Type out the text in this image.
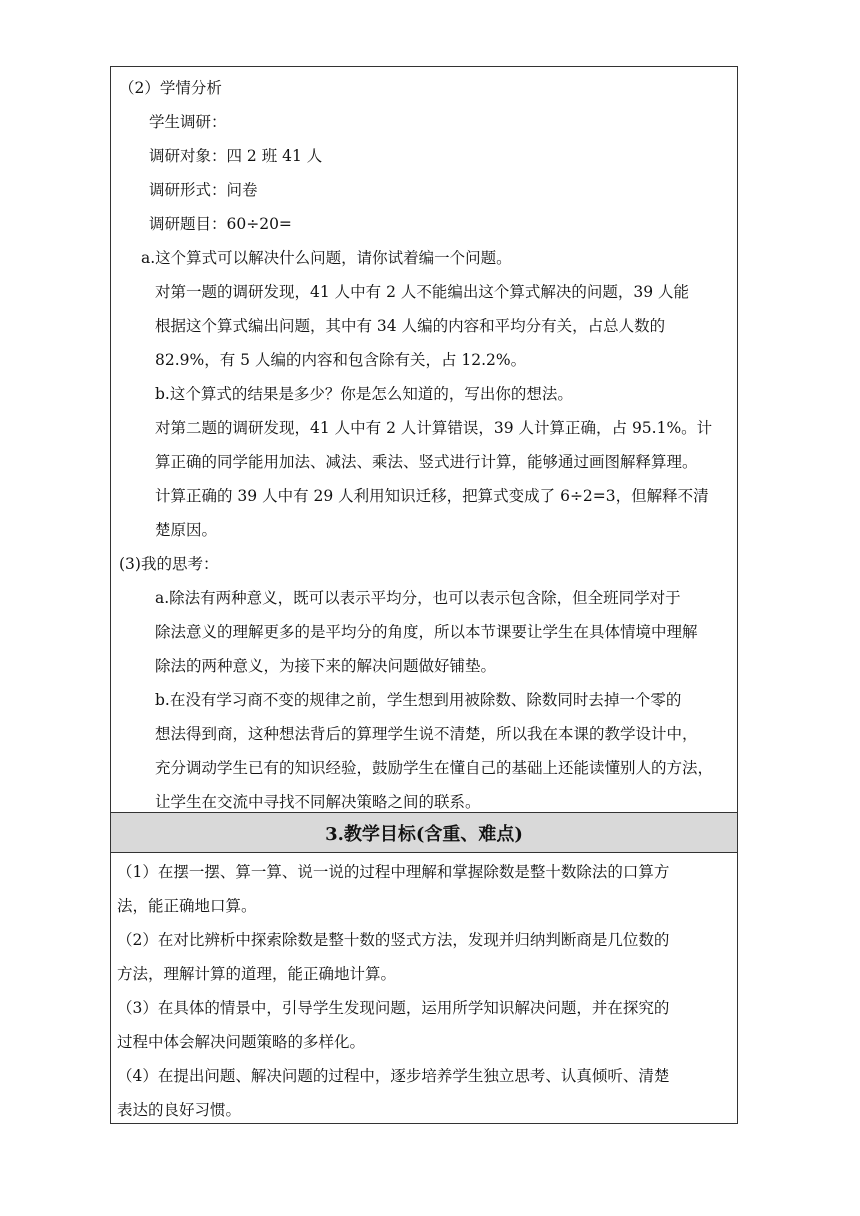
（2）学情分析
学生调研：
调研对象：四 2 班 41 人
调研形式：问卷
调研题目：60÷20=
a.这个算式可以解决什么问题，请你试着编一个问题。
对第一题的调研发现，41 人中有 2 人不能编出这个算式解决的问题，39 人能
根据这个算式编出问题，其中有 34 人编的内容和平均分有关，占总人数的
82.9%，有 5 人编的内容和包含除有关，占 12.2%。
b.这个算式的结果是多少？你是怎么知道的，写出你的想法。
对第二题的调研发现，41 人中有 2 人计算错误，39 人计算正确，占 95.1%。计
算正确的同学能用加法、减法、乘法、竖式进行计算，能够通过画图解释算理。
计算正确的 39 人中有 29 人利用知识迁移，把算式变成了 6÷2=3，但解释不清
楚原因。
(3)我的思考：
a.除法有两种意义，既可以表示平均分，也可以表示包含除，但全班同学对于
除法意义的理解更多的是平均分的角度，所以本节课要让学生在具体情境中理解
除法的两种意义，为接下来的解决问题做好铺垫。
b.在没有学习商不变的规律之前，学生想到用被除数、除数同时去掉一个零的
想法得到商，这种想法背后的算理学生说不清楚，所以我在本课的教学设计中，
充分调动学生已有的知识经验，鼓励学生在懂自己的基础上还能读懂别人的方法，
让学生在交流中寻找不同解决策略之间的联系。
3.教学目标(含重、难点)
（1）在摆一摆、算一算、说一说的过程中理解和掌握除数是整十数除法的口算方
法，能正确地口算。
（2）在对比辨析中探索除数是整十数的竖式方法，发现并归纳判断商是几位数的
方法，理解计算的道理，能正确地计算。
（3）在具体的情景中，引导学生发现问题，运用所学知识解决问题，并在探究的
过程中体会解决问题策略的多样化。
（4）在提出问题、解决问题的过程中，逐步培养学生独立思考、认真倾听、清楚
表达的良好习惯。
